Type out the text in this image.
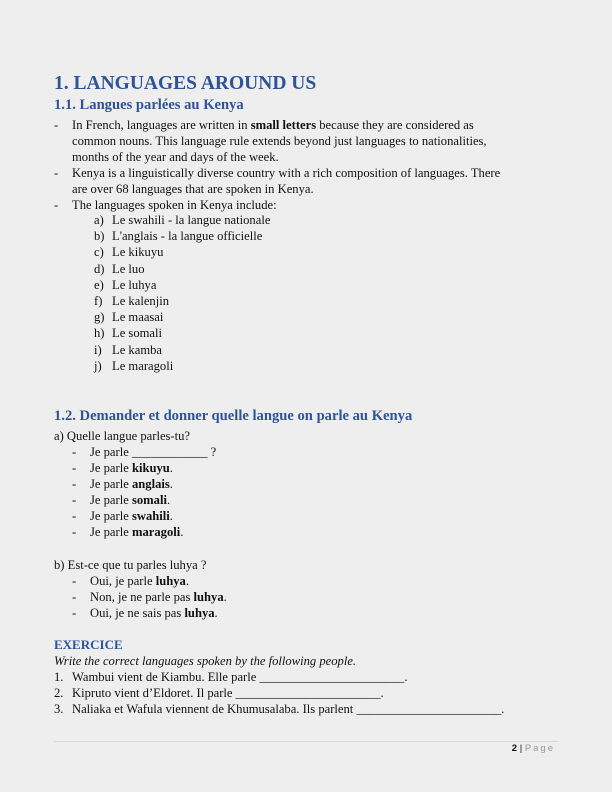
1. LANGUAGES AROUND US
1.1. Langues parlées au Kenya
- In French, languages are written in small letters because they are considered as
common nouns. This language rule extends beyond just languages to nationalities,
months of the year and days of the week.
- Kenya is a linguistically diverse country with a rich composition of languages. There
are over 68 languages that are spoken in Kenya.
- The languages spoken in Kenya include:
a) Le swahili - la langue nationale
b) L'anglais - la langue officielle
c) Le kikuyu
d) Le luo
e) Le luhya
f) Le kalenjin
g) Le maasai
h) Le somali
i) Le kamba
j) Le maragoli
1.2. Demander et donner quelle langue on parle au Kenya
a) Quelle langue parles-tu?
- Je parle ____________ ?
- Je parle kikuyu.
- Je parle anglais.
- Je parle somali.
- Je parle swahili.
- Je parle maragoli.
b) Est-ce que tu parles luhya ?
- Oui, je parle luhya.
- Non, je ne parle pas luhya.
- Oui, je ne sais pas luhya.
EXERCICE
Write the correct languages spoken by the following people.
1. Wambui vient de Kiambu. Elle parle _______________________.
2. Kipruto vient d’Eldoret. Il parle _______________________.
3. Naliaka et Wafula viennent de Khumusalaba. Ils parlent _______________________.
2 | Page
